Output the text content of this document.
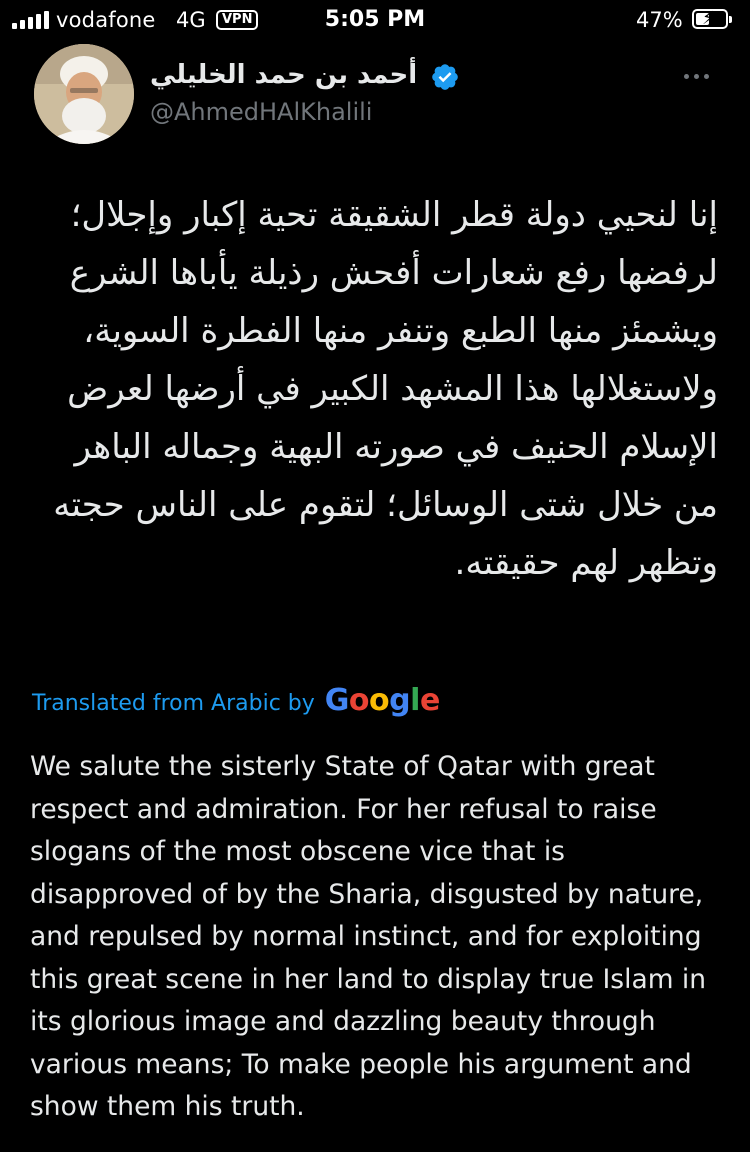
vodafone 4G	VPN	5:05 PM	47% ⚡
أحمد بن حمد الخليلي
@AhmedHAlKhalili
إنا لنحيي دولة قطر الشقيقة تحية إكبار وإجلال؛ لرفضها رفع شعارات أفحش رذيلة يأباها الشرع ويشمئز منها الطبع وتنفر منها الفطرة السوية، ولاستغلالها هذا المشهد الكبير في أرضها لعرض الإسلام الحنيف في صورته البهية وجماله الباهر من خلال شتى الوسائل؛ لتقوم على الناس حجته وتظهر لهم حقيقته.
Translated from Arabic by Google
We salute the sisterly State of Qatar with great respect and admiration. For her refusal to raise slogans of the most obscene vice that is disapproved of by the Sharia, disgusted by nature, and repulsed by normal instinct, and for exploiting this great scene in her land to display true Islam in its glorious image and dazzling beauty through various means; To make people his argument and show them his truth.
